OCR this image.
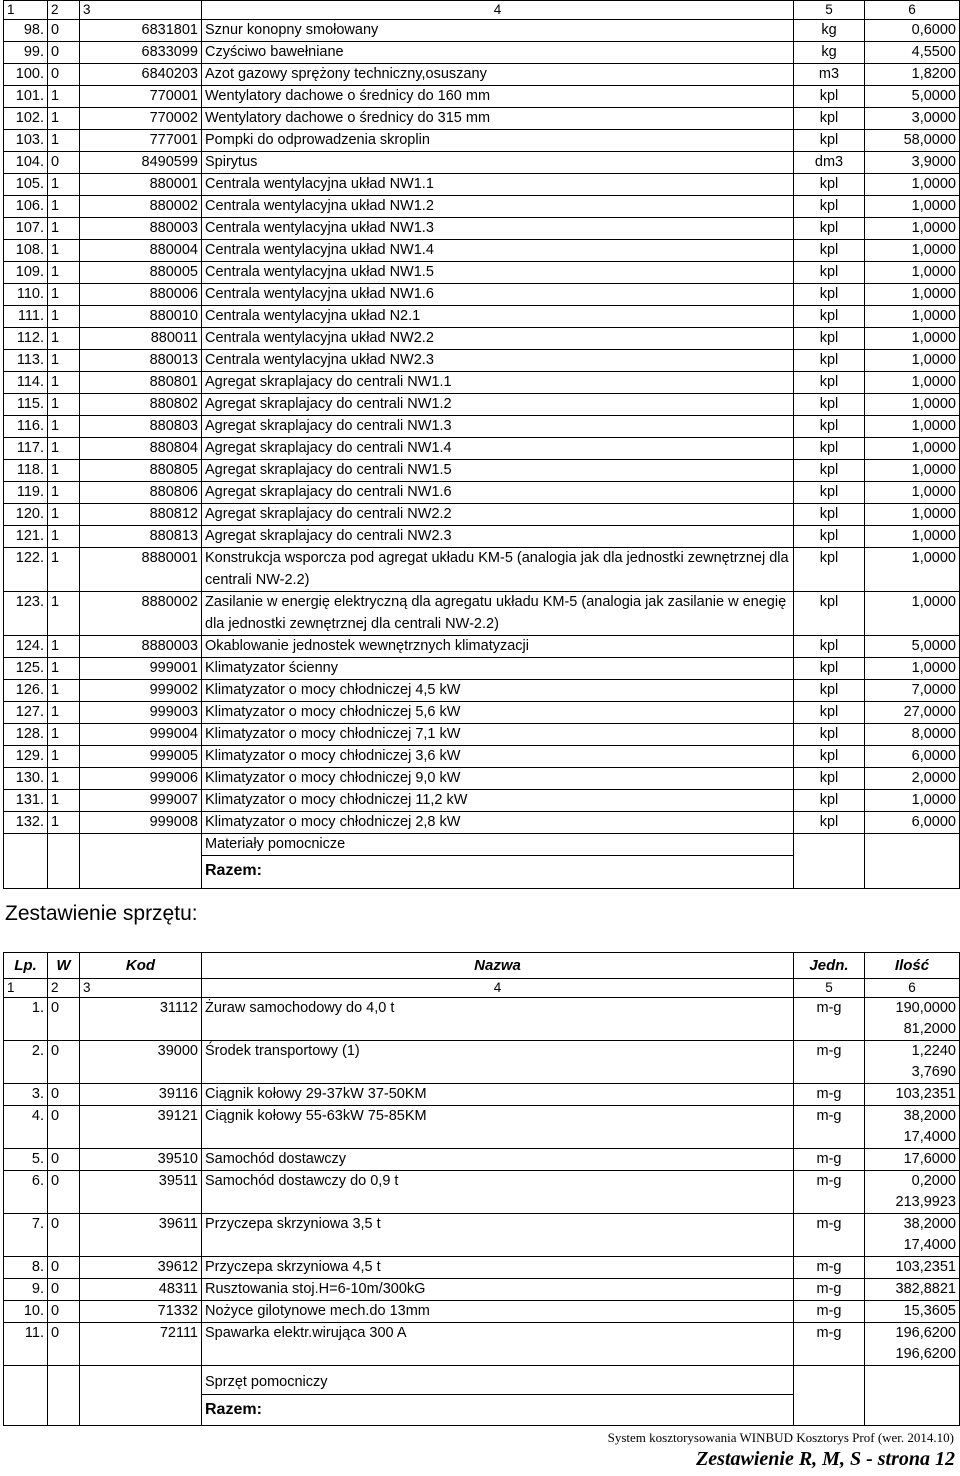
1	2	3	4	5	6
98.	0	6831801	Sznur konopny smołowany	kg	0,6000
99.	0	6833099	Czyściwo bawełniane	kg	4,5500
100.	0	6840203	Azot gazowy sprężony techniczny,osuszany	m3	1,8200
101.	1	770001	Wentylatory dachowe o średnicy do 160 mm	kpl	5,0000
102.	1	770002	Wentylatory dachowe o średnicy do 315 mm	kpl	3,0000
103.	1	777001	Pompki do odprowadzenia skroplin	kpl	58,0000
104.	0	8490599	Spirytus	dm3	3,9000
105.	1	880001	Centrala wentylacyjna układ NW1.1	kpl	1,0000
106.	1	880002	Centrala wentylacyjna układ NW1.2	kpl	1,0000
107.	1	880003	Centrala wentylacyjna układ NW1.3	kpl	1,0000
108.	1	880004	Centrala wentylacyjna układ NW1.4	kpl	1,0000
109.	1	880005	Centrala wentylacyjna układ NW1.5	kpl	1,0000
110.	1	880006	Centrala wentylacyjna układ NW1.6	kpl	1,0000
111.	1	880010	Centrala wentylacyjna układ N2.1	kpl	1,0000
112.	1	880011	Centrala wentylacyjna układ NW2.2	kpl	1,0000
113.	1	880013	Centrala wentylacyjna układ NW2.3	kpl	1,0000
114.	1	880801	Agregat skraplajacy do centrali NW1.1	kpl	1,0000
115.	1	880802	Agregat skraplajacy do centrali NW1.2	kpl	1,0000
116.	1	880803	Agregat skraplajacy do centrali NW1.3	kpl	1,0000
117.	1	880804	Agregat skraplajacy do centrali NW1.4	kpl	1,0000
118.	1	880805	Agregat skraplajacy do centrali NW1.5	kpl	1,0000
119.	1	880806	Agregat skraplajacy do centrali NW1.6	kpl	1,0000
120.	1	880812	Agregat skraplajacy do centrali NW2.2	kpl	1,0000
121.	1	880813	Agregat skraplajacy do centrali NW2.3	kpl	1,0000
122.	1	8880001	Konstrukcja wsporcza pod agregat układu KM-5 (analogia jak dla jednostki zewnętrznej dla centrali NW-2.2)	kpl	1,0000
123.	1	8880002	Zasilanie w energię elektryczną dla agregatu układu KM-5 (analogia jak zasilanie w enegię dla jednostki zewnętrznej dla centrali NW-2.2)	kpl	1,0000
124.	1	8880003	Okablowanie jednostek wewnętrznych klimatyzacji	kpl	5,0000
125.	1	999001	Klimatyzator ścienny	kpl	1,0000
126.	1	999002	Klimatyzator o mocy chłodniczej 4,5 kW	kpl	7,0000
127.	1	999003	Klimatyzator o mocy chłodniczej 5,6 kW	kpl	27,0000
128.	1	999004	Klimatyzator o mocy chłodniczej 7,1 kW	kpl	8,0000
129.	1	999005	Klimatyzator o mocy chłodniczej 3,6 kW	kpl	6,0000
130.	1	999006	Klimatyzator o mocy chłodniczej 9,0 kW	kpl	2,0000
131.	1	999007	Klimatyzator o mocy chłodniczej 11,2 kW	kpl	1,0000
132.	1	999008	Klimatyzator o mocy chłodniczej 2,8 kW	kpl	6,0000
			Materiały pomocnicze		
			Razem:		
Zestawienie sprzętu:
Lp.	W	Kod	Nazwa	Jedn.	Ilość
1	2	3	4	5	6
1.	0	31112	Żuraw samochodowy do 4,0 t	m-g	190,0000
81,2000

2.	0	39000	Środek transportowy (1)	m-g	1,2240
3,7690

3.	0	39116	Ciągnik kołowy 29-37kW 37-50KM	m-g	103,2351

4.	0	39121	Ciągnik kołowy 55-63kW 75-85KM	m-g	38,2000
17,4000

5.	0	39510	Samochód dostawczy	m-g	17,6000

6.	0	39511	Samochód dostawczy do 0,9 t	m-g	0,2000
213,9923

7.	0	39611	Przyczepa skrzyniowa 3,5 t	m-g	38,2000
17,4000

8.	0	39612	Przyczepa skrzyniowa 4,5 t	m-g	103,2351

9.	0	48311	Rusztowania stoj.H=6-10m/300kG	m-g	382,8821

10.	0	71332	Nożyce gilotynowe mech.do 13mm	m-g	15,3605

11.	0	72111	Spawarka elektr.wirująca 300 A	m-g	196,6200
196,6200

			Sprzęt pomocniczy		
			Razem:		
System kosztorysowania WINBUD Kosztorys Prof (wer. 2014.10)
Zestawienie R, M, S - strona 12
